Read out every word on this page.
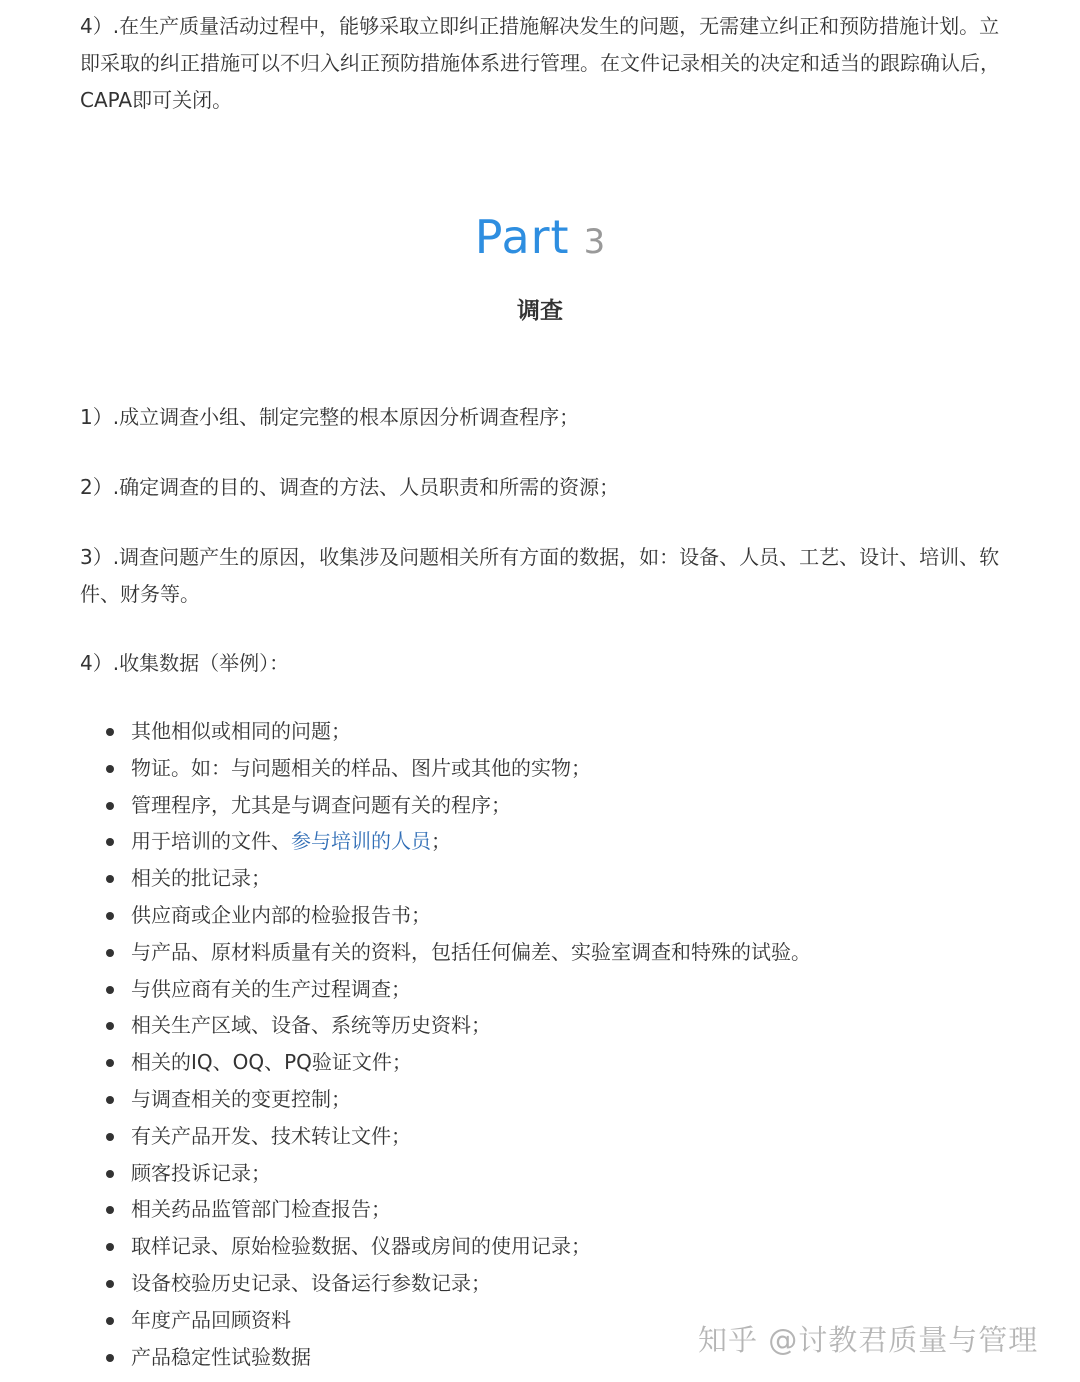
4）.在生产质量活动过程中，能够采取立即纠正措施解决发生的问题，无需建立纠正和预防措施计划。立即采取的纠正措施可以不归入纠正预防措施体系进行管理。在文件记录相关的决定和适当的跟踪确认后，CAPA即可关闭。

Part 3
调查

1）.成立调查小组、制定完整的根本原因分析调查程序；

2）.确定调查的目的、调查的方法、人员职责和所需的资源；

3）.调查问题产生的原因，收集涉及问题相关所有方面的数据，如：设备、人员、工艺、设计、培训、软件、财务等。

4）.收集数据（举例）：

其他相似或相同的问题；
物证。如：与问题相关的样品、图片或其他的实物；
管理程序，尤其是与调查问题有关的程序；
用于培训的文件、参与培训的人员；
相关的批记录；
供应商或企业内部的检验报告书；
与产品、原材料质量有关的资料，包括任何偏差、实验室调查和特殊的试验。
与供应商有关的生产过程调查；
相关生产区域、设备、系统等历史资料；
相关的IQ、OQ、PQ验证文件；
与调查相关的变更控制；
有关产品开发、技术转让文件；
顾客投诉记录；
相关药品监管部门检查报告；
取样记录、原始检验数据、仪器或房间的使用记录；
设备校验历史记录、设备运行参数记录；
年度产品回顾资料
产品稳定性试验数据	知乎 @讨教君质量与管理
